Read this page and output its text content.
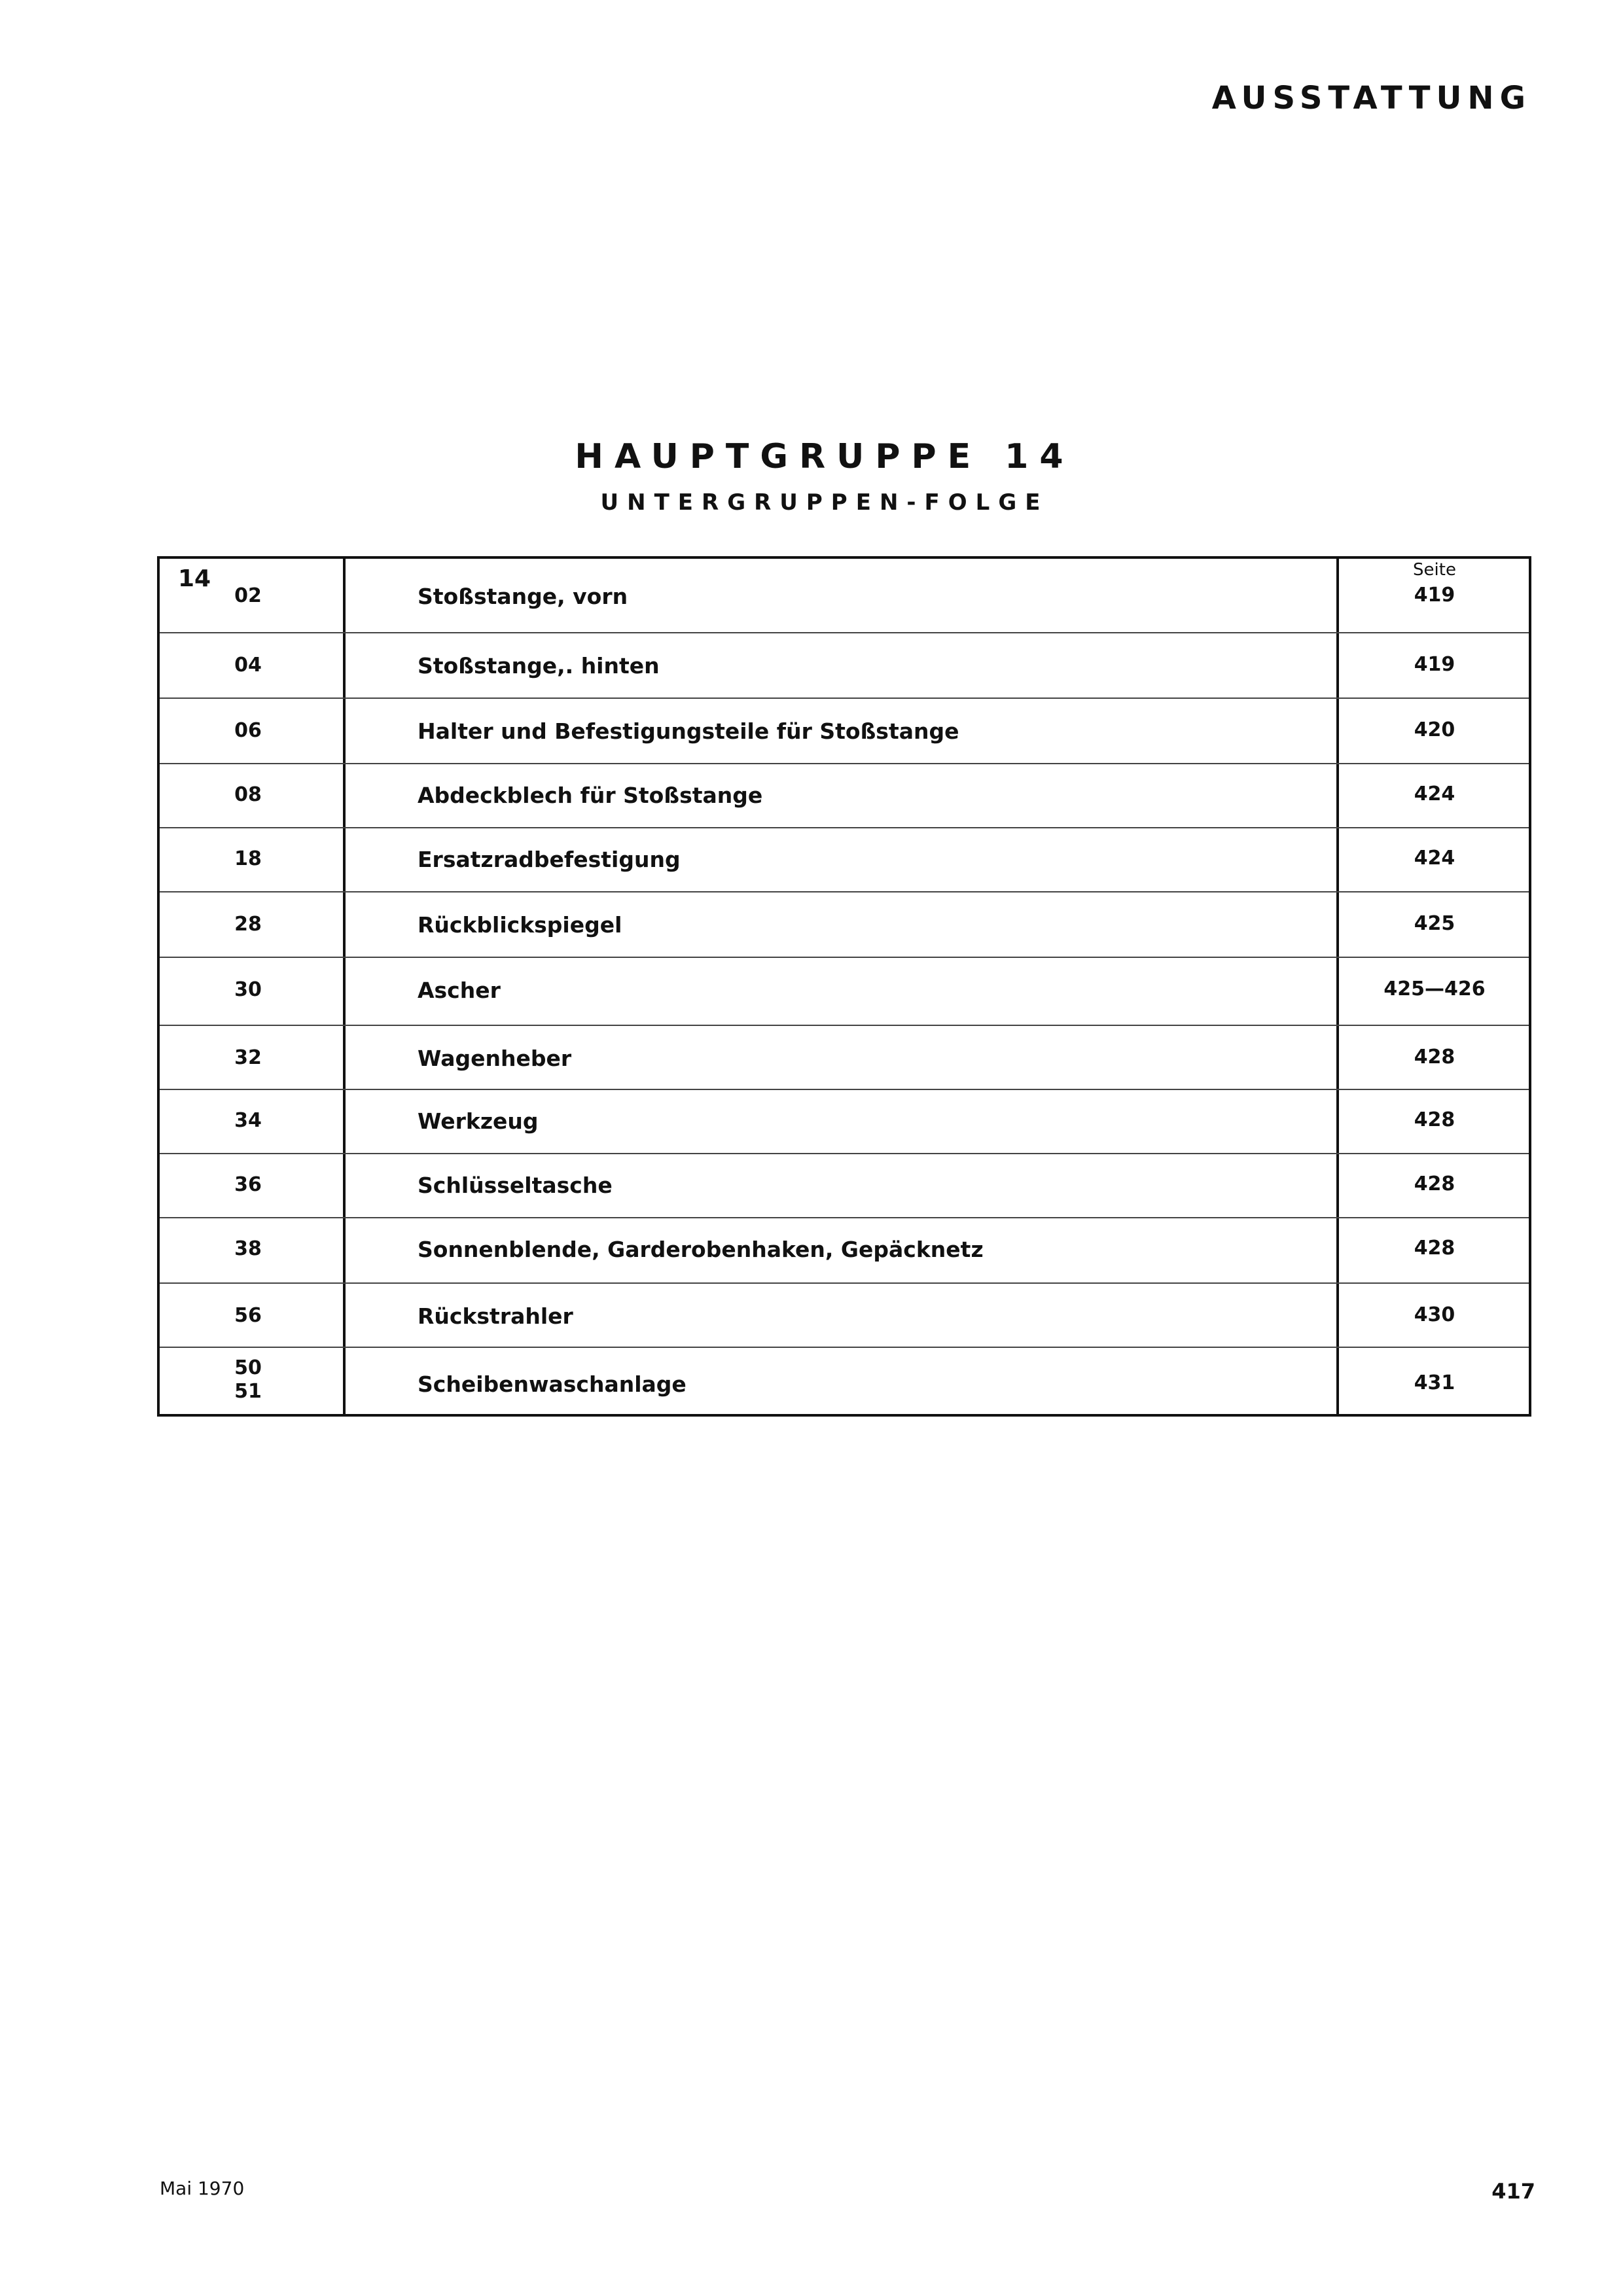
AUSSTATTUNG
HAUPTGRUPPE 14
UNTERGRUPPEN-FOLGE
14	Seite
02	Stoßstange, vorn	419
04	Stoßstange,. hinten	419
06	Halter und Befestigungsteile für Stoßstange	420
08	Abdeckblech für Stoßstange	424
18	Ersatzradbefestigung	424
28	Rückblickspiegel	425
30	Ascher	425—426
32	Wagenheber	428
34	Werkzeug	428
36	Schlüsseltasche	428
38	Sonnenblende, Garderobenhaken, Gepäcknetz	428
56	Rückstrahler	430
50
51	Scheibenwaschanlage	431
Mai 1970	417
